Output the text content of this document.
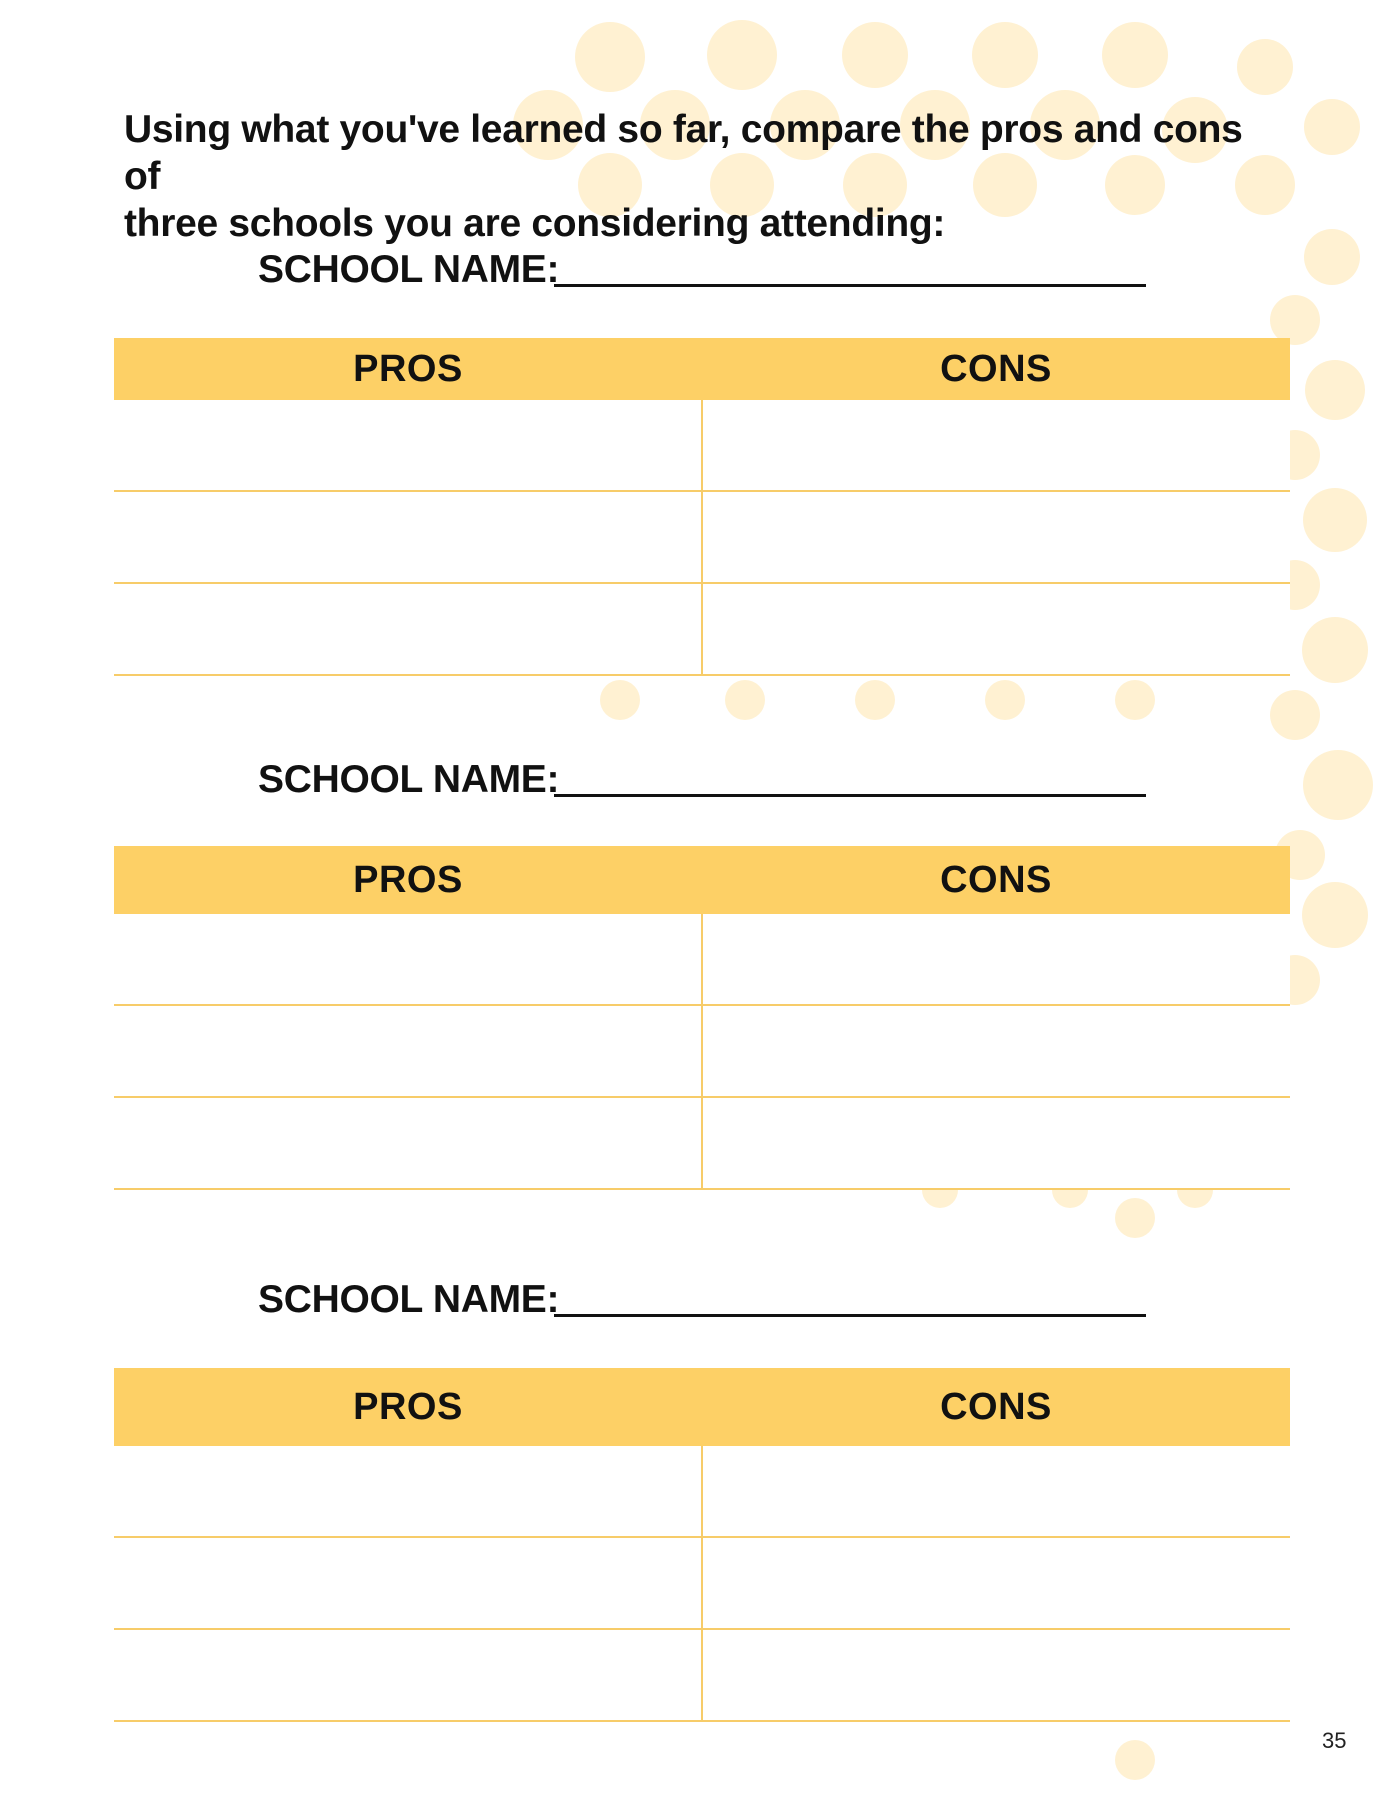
Using what you've learned so far, compare the pros and cons of
three schools you are considering attending:
SCHOOL NAME:
PROS	CONS
SCHOOL NAME:
PROS	CONS
SCHOOL NAME:
PROS	CONS
35
